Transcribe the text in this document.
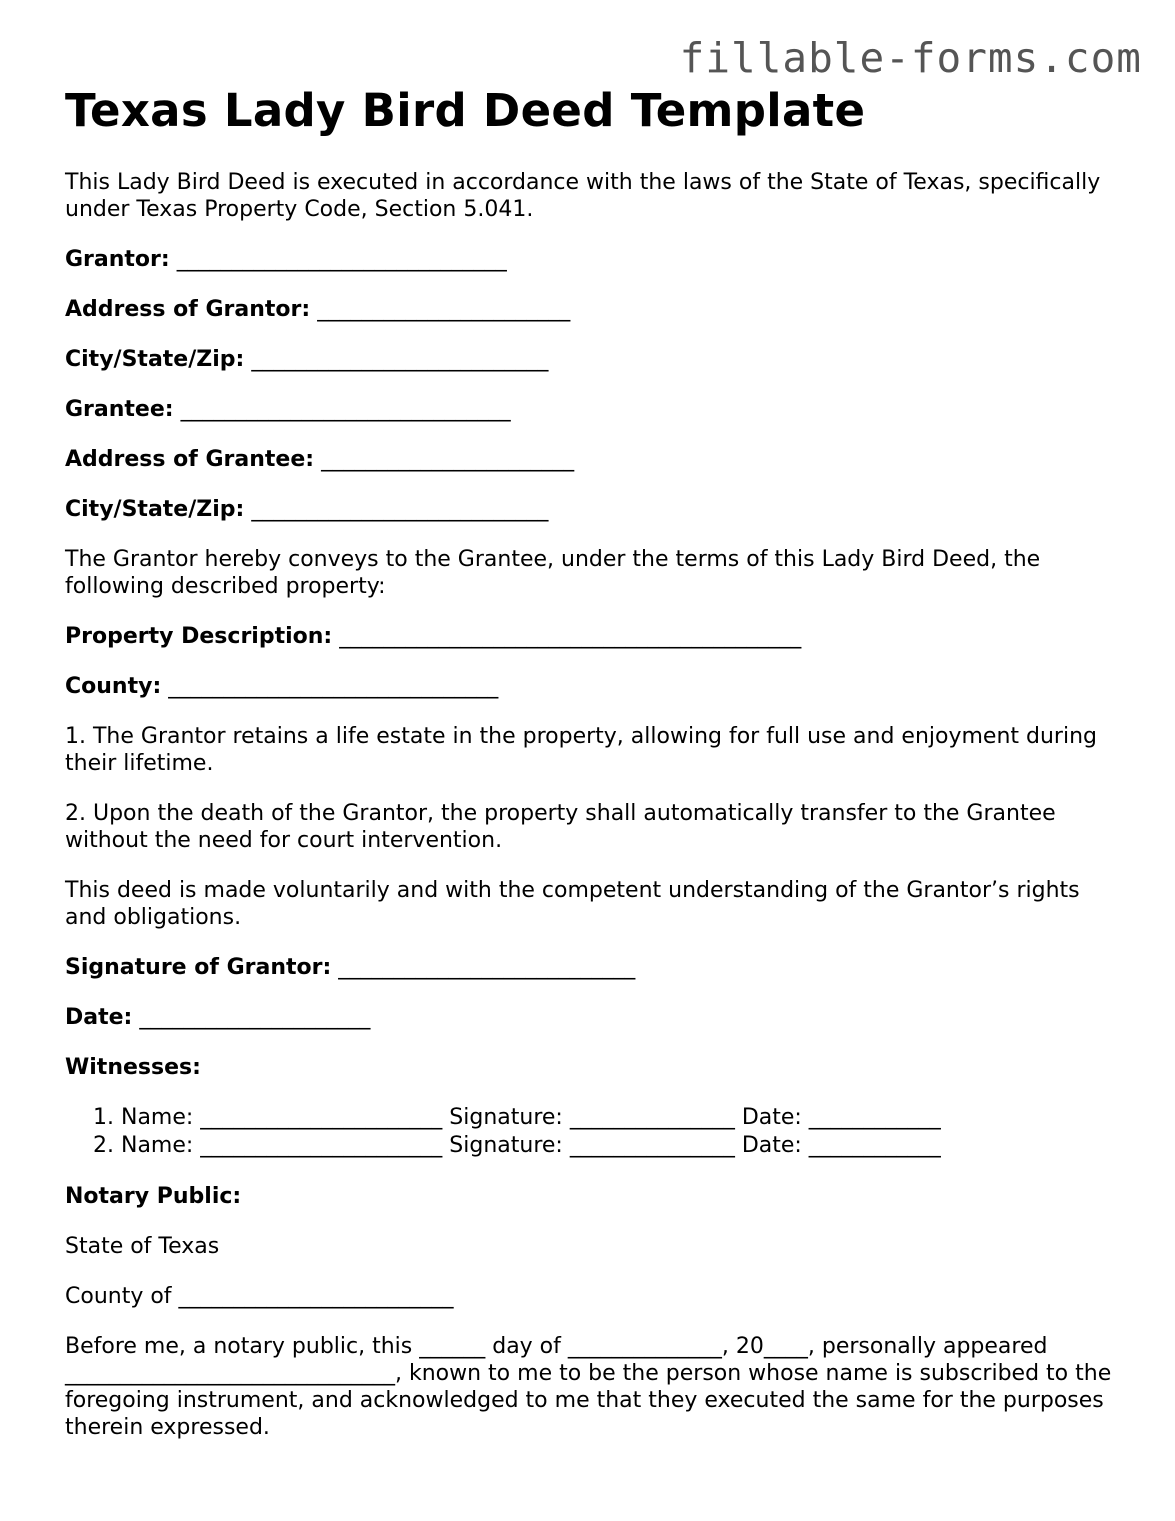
fillable-forms.com
Texas Lady Bird Deed Template

This Lady Bird Deed is executed in accordance with the laws of the State of Texas, specifically under Texas Property Code, Section 5.041.

Grantor: ______________________________
Address of Grantor: _______________________
City/State/Zip: ___________________________
Grantee: ______________________________
Address of Grantee: _______________________
City/State/Zip: ___________________________

The Grantor hereby conveys to the Grantee, under the terms of this Lady Bird Deed, the following described property:

Property Description: __________________________________________
County: ______________________________

1. The Grantor retains a life estate in the property, allowing for full use and enjoyment during their lifetime.

2. Upon the death of the Grantor, the property shall automatically transfer to the Grantee without the need for court intervention.

This deed is made voluntarily and with the competent understanding of the Grantor’s rights and obligations.

Signature of Grantor: ___________________________
Date: _____________________
Witnesses:
1. Name: ______________________ Signature: _______________ Date: ____________
2. Name: ______________________ Signature: _______________ Date: ____________
Notary Public:

State of Texas

County of _________________________

Before me, a notary public, this ______ day of ______________, 20____, personally appeared ______________________________, known to me to be the person whose name is subscribed to the foregoing instrument, and acknowledged to me that they executed the same for the purposes therein expressed.
